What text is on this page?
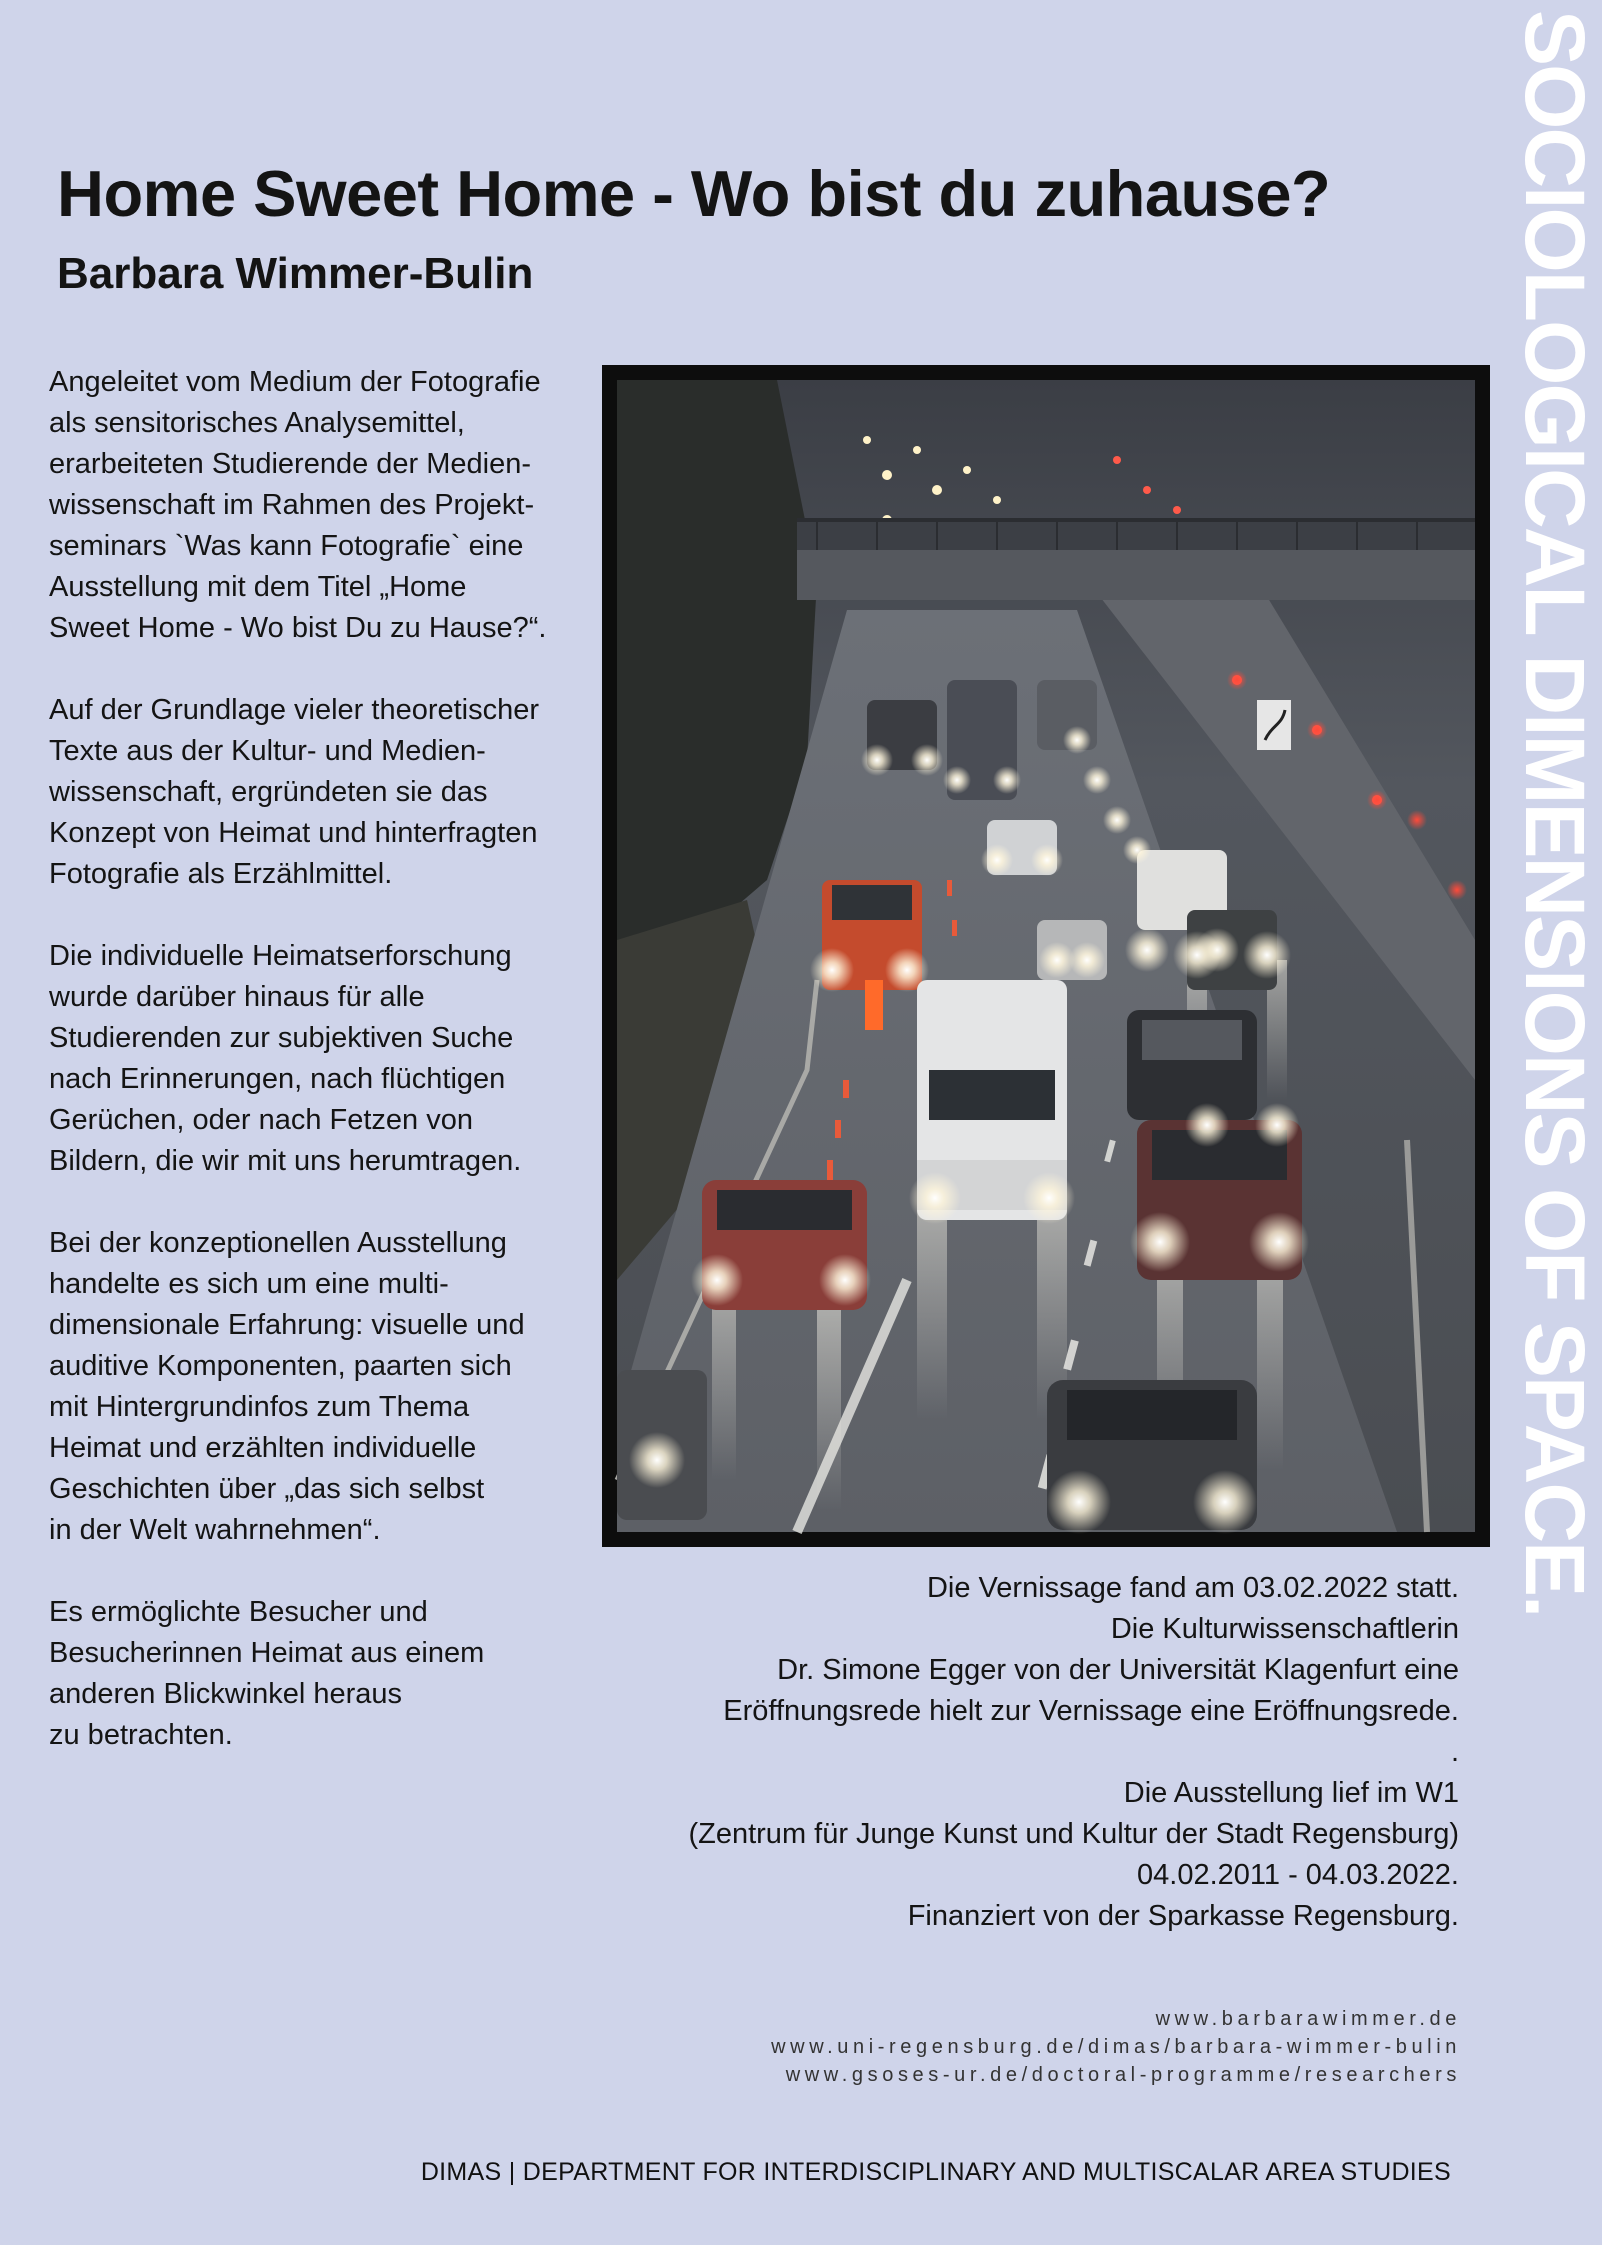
Home Sweet Home - Wo bist du zuhause?
Barbara Wimmer-Bulin

Angeleitet vom Medium der Fotografie
als sensitorisches Analysemittel,
erarbeiteten Studierende der Medien-
wissenschaft im Rahmen des Projekt-
seminars `Was kann Fotografie` eine
Ausstellung mit dem Titel „Home
Sweet Home - Wo bist Du zu Hause?“.

Auf der Grundlage vieler theoretischer
Texte aus der Kultur- und Medien-
wissenschaft, ergründeten sie das
Konzept von Heimat und hinterfragten
Fotografie als Erzählmittel.

Die individuelle Heimatserforschung
wurde darüber hinaus für alle
Studierenden zur subjektiven Suche
nach Erinnerungen, nach flüchtigen
Gerüchen, oder nach Fetzen von
Bildern, die wir mit uns herumtragen.

Bei der konzeptionellen Ausstellung
handelte es sich um eine multi-
dimensionale Erfahrung: visuelle und
auditive Komponenten, paarten sich
mit Hintergrundinfos zum Thema
Heimat und erzählten individuelle
Geschichten über „das sich selbst
in der Welt wahrnehmen“.

Es ermöglichte Besucher und
Besucherinnen Heimat aus einem
anderen Blickwinkel heraus
zu betrachten.

Die Vernissage fand am 03.02.2022 statt.
Die Kulturwissenschaftlerin
Dr. Simone Egger von der Universität Klagenfurt eine
Eröffnungsrede hielt zur Vernissage eine Eröffnungsrede.
.
Die Ausstellung lief im W1
(Zentrum für Junge Kunst und Kultur der Stadt Regensburg)
04.02.2011 - 04.03.2022.
Finanziert von der Sparkasse Regensburg.
www.barbarawimmer.de
www.uni-regensburg.de/dimas/barbara-wimmer-bulin
www.gsoses-ur.de/doctoral-programme/researchers
DIMAS | DEPARTMENT FOR INTERDISCIPLINARY AND MULTISCALAR AREA STUDIES
SOCIOLOGICAL DIMENSIONS OF SPACE.
